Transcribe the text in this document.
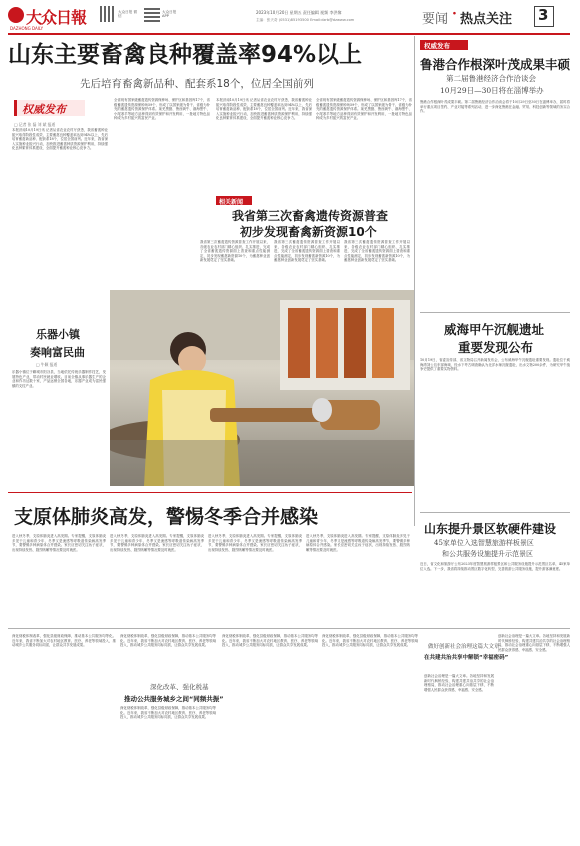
大众日報
DAZHONG DAILY
大众日报 微信
大众日报 APP
2023年10月20日 星期五 责任编辑 视频 李洪黎
主编：张天奇 (0531)85193500 Email:dzrb@dzwww.com	要闻 · 热点关注 3
山东主要畜禽良种覆盖率94%以上
先后培育畜禽新品种、配套系18个，位居全国前列
权威发布
□ 记者 张 磊 刘 斌 报道
本报济南10月19日讯 记者从省农业农村厅获悉，我省畜禽种业振兴取得阶段性成效，主要畜禽良种覆盖率达到94%以上，先后培育畜禽新品种、配套系18个，位居全国前列。近年来，我省深入实施种业振兴行动，加快推进畜禽种质资源保护利用，持续强化良种繁育体系建设，全面提升畜禽种业核心竞争力。
全省现有国家级畜禽遗传资源保种场、保护区和基因库17个，省级畜禽遗传资源保种场59个，形成了以国家级为骨干、省级为补充的畜禽遗传资源保护体系。莱芜黑猪、鲁西黄牛、渤海黑牛、小尾寒羊等地方品种得到有效保护和开发利用，一批地方特色品种成为乡村振兴的富民产业。
本报济南10月19日讯 记者从省农业农村厅获悉，我省畜禽种业振兴取得阶段性成效，主要畜禽良种覆盖率达到94%以上，先后培育畜禽新品种、配套系18个，位居全国前列。近年来，我省深入实施种业振兴行动，加快推进畜禽种质资源保护利用，持续强化良种繁育体系建设，全面提升畜禽种业核心竞争力。
全省现有国家级畜禽遗传资源保种场、保护区和基因库17个，省级畜禽遗传资源保种场59个，形成了以国家级为骨干、省级为补充的畜禽遗传资源保护体系。莱芜黑猪、鲁西黄牛、渤海黑牛、小尾寒羊等地方品种得到有效保护和开发利用，一批地方特色品种成为乡村振兴的富民产业。
相关新闻
我省第三次畜禽遗传资源普查
初步发现畜禽新资源10个
我省第三次畜禽遗传资源普查工作开展以来，各级农业农村部门精心组织、扎实推进，完成了全省畜禽遗传资源面上普查和重点性能测定，初步发现畜禽新资源10个，为畜禽种业创新发展奠定了坚实基础。
我省第三次畜禽遗传资源普查工作开展以来，各级农业农村部门精心组织、扎实推进，完成了全省畜禽遗传资源面上普查和重点性能测定，初步发现畜禽新资源10个，为畜禽种业创新发展奠定了坚实基础。
我省第三次畜禽遗传资源普查工作开展以来，各级农业农村部门精心组织、扎实推进，完成了全省畜禽遗传资源面上普查和重点性能测定，初步发现畜禽新资源10个，为畜禽种业创新发展奠定了坚实基础。
乐器小镇
奏响富民曲
□ 牛颖 报道
乐器小镇位于聊城市阳谷县，当地依托传统乐器制作技艺，发展特色产业，带动村民就业增收。目前全镇从事乐器生产的企业和作坊达数十家，产品远销全国各地，乐器产业成为富民强镇的支柱产业。
支原体肺炎高发，警惕冬季合并感染
进入秋冬季，支原体肺炎进入高发期。专家提醒，支原体肺炎多见于儿童和青少年，冬季又是流感等呼吸道传染病高发季节，要警惕多种病原体合并感染。家长应密切关注孩子症状，出现持续发热、剧烈咳嗽等情况要及时就医。
进入秋冬季，支原体肺炎进入高发期。专家提醒，支原体肺炎多见于儿童和青少年，冬季又是流感等呼吸道传染病高发季节，要警惕多种病原体合并感染。家长应密切关注孩子症状，出现持续发热、剧烈咳嗽等情况要及时就医。
进入秋冬季，支原体肺炎进入高发期。专家提醒，支原体肺炎多见于儿童和青少年，冬季又是流感等呼吸道传染病高发季节，要警惕多种病原体合并感染。家长应密切关注孩子症状，出现持续发热、剧烈咳嗽等情况要及时就医。
进入秋冬季，支原体肺炎进入高发期。专家提醒，支原体肺炎多见于儿童和青少年，冬季又是流感等呼吸道传染病高发季节，要警惕多种病原体合并感染。家长应密切关注孩子症状，出现持续发热、剧烈咳嗽等情况要及时就医。
权威发布
鲁港合作根深叶茂成果丰硕
第二届鲁港经济合作洽谈会
10月29日—30日将在淄博举办
鲁港合作根深叶茂成果丰硕。第二届鲁港经济合作洽谈会将于10月29日至30日在淄博举办，届时将举行重点项目签约、产业对接等系列活动，进一步深化鲁港在金融、贸易、科技创新等领域的务实合作。
威海甲午沉舰遗址
重要发现公布
10月19日，省委宣传部、省文物局召开新闻发布会，公布威海甲午沉舰遗址重要发现。遗址位于威海湾刘公岛东部海域，经水下考古调查确认为北洋水师沉舰遗址，出水文物200余件，为研究甲午战争史提供了重要实物资料。
山东提升景区软硬件建设
45家单位入选智慧旅游样板景区
和公共服务设施提升示范景区
近日，省文化和旅游厅公布2023年度智慧旅游样板景区和公共服务设施提升示范景区名单，45家单位入选。下一步，我省将持续推动景区数字化转型，完善旅游公共服务设施，提升游客满意度。
深化财税体制改革，强化县级财政保障，推动基本公共服务均等化。近年来，我省不断加大对农村地区教育、医疗、养老等领域投入，推动城乡公共服务同标同质，让群众共享发展成果。
深化改革、强化税基
推动公共服务城乡之间“同频共振”
深化财税体制改革，强化县级财政保障，推动基本公共服务均等化。近年来，我省不断加大对农村地区教育、医疗、养老等领域投入，推动城乡公共服务同标同质，让群众共享发展成果。
深化财税体制改革，强化县级财政保障，推动基本公共服务均等化。近年来，我省不断加大对农村地区教育、医疗、养老等领域投入，推动城乡公共服务同标同质，让群众共享发展成果。
深化财税体制改革，强化县级财政保障，推动基本公共服务均等化。近年来，我省不断加大对农村地区教育、医疗、养老等领域投入，推动城乡公共服务同标同质，让群众共享发展成果。
深化财税体制改革，强化县级财政保障，推动基本公共服务均等化。近年来，我省不断加大对农村地区教育、医疗、养老等领域投入，推动城乡公共服务同标同质，让群众共享发展成果。	做好创新社会治理这篇大文章
在共建共治共享中解锁“幸福密码”
创新社会治理是一篇大文章。各地坚持和发展新时代枫桥经验，构建共建共治共享的社会治理格局，推动社会治理重心向基层下移，不断增强人民群众获得感、幸福感、安全感。
创新社会治理是一篇大文章。各地坚持和发展新时代枫桥经验，构建共建共治共享的社会治理格局，推动社会治理重心向基层下移，不断增强人民群众获得感、幸福感、安全感。
